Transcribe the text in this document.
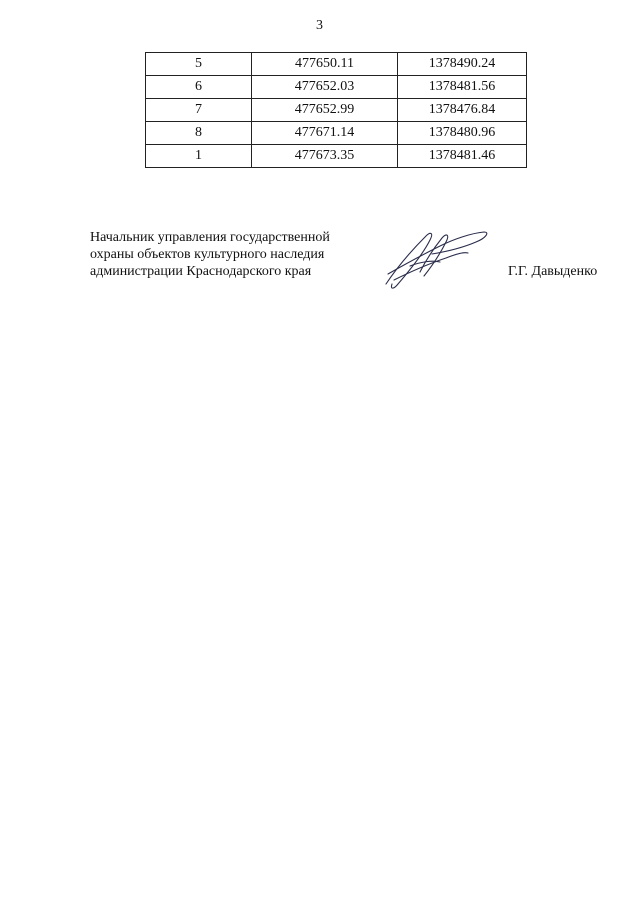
3
5	477650.11	1378490.24
6	477652.03	1378481.56
7	477652.99	1378476.84
8	477671.14	1378480.96
1	477673.35	1378481.46
Начальник управления государственной
охраны объектов культурного наследия
администрации Краснодарского края	Г.Г. Давыденко
